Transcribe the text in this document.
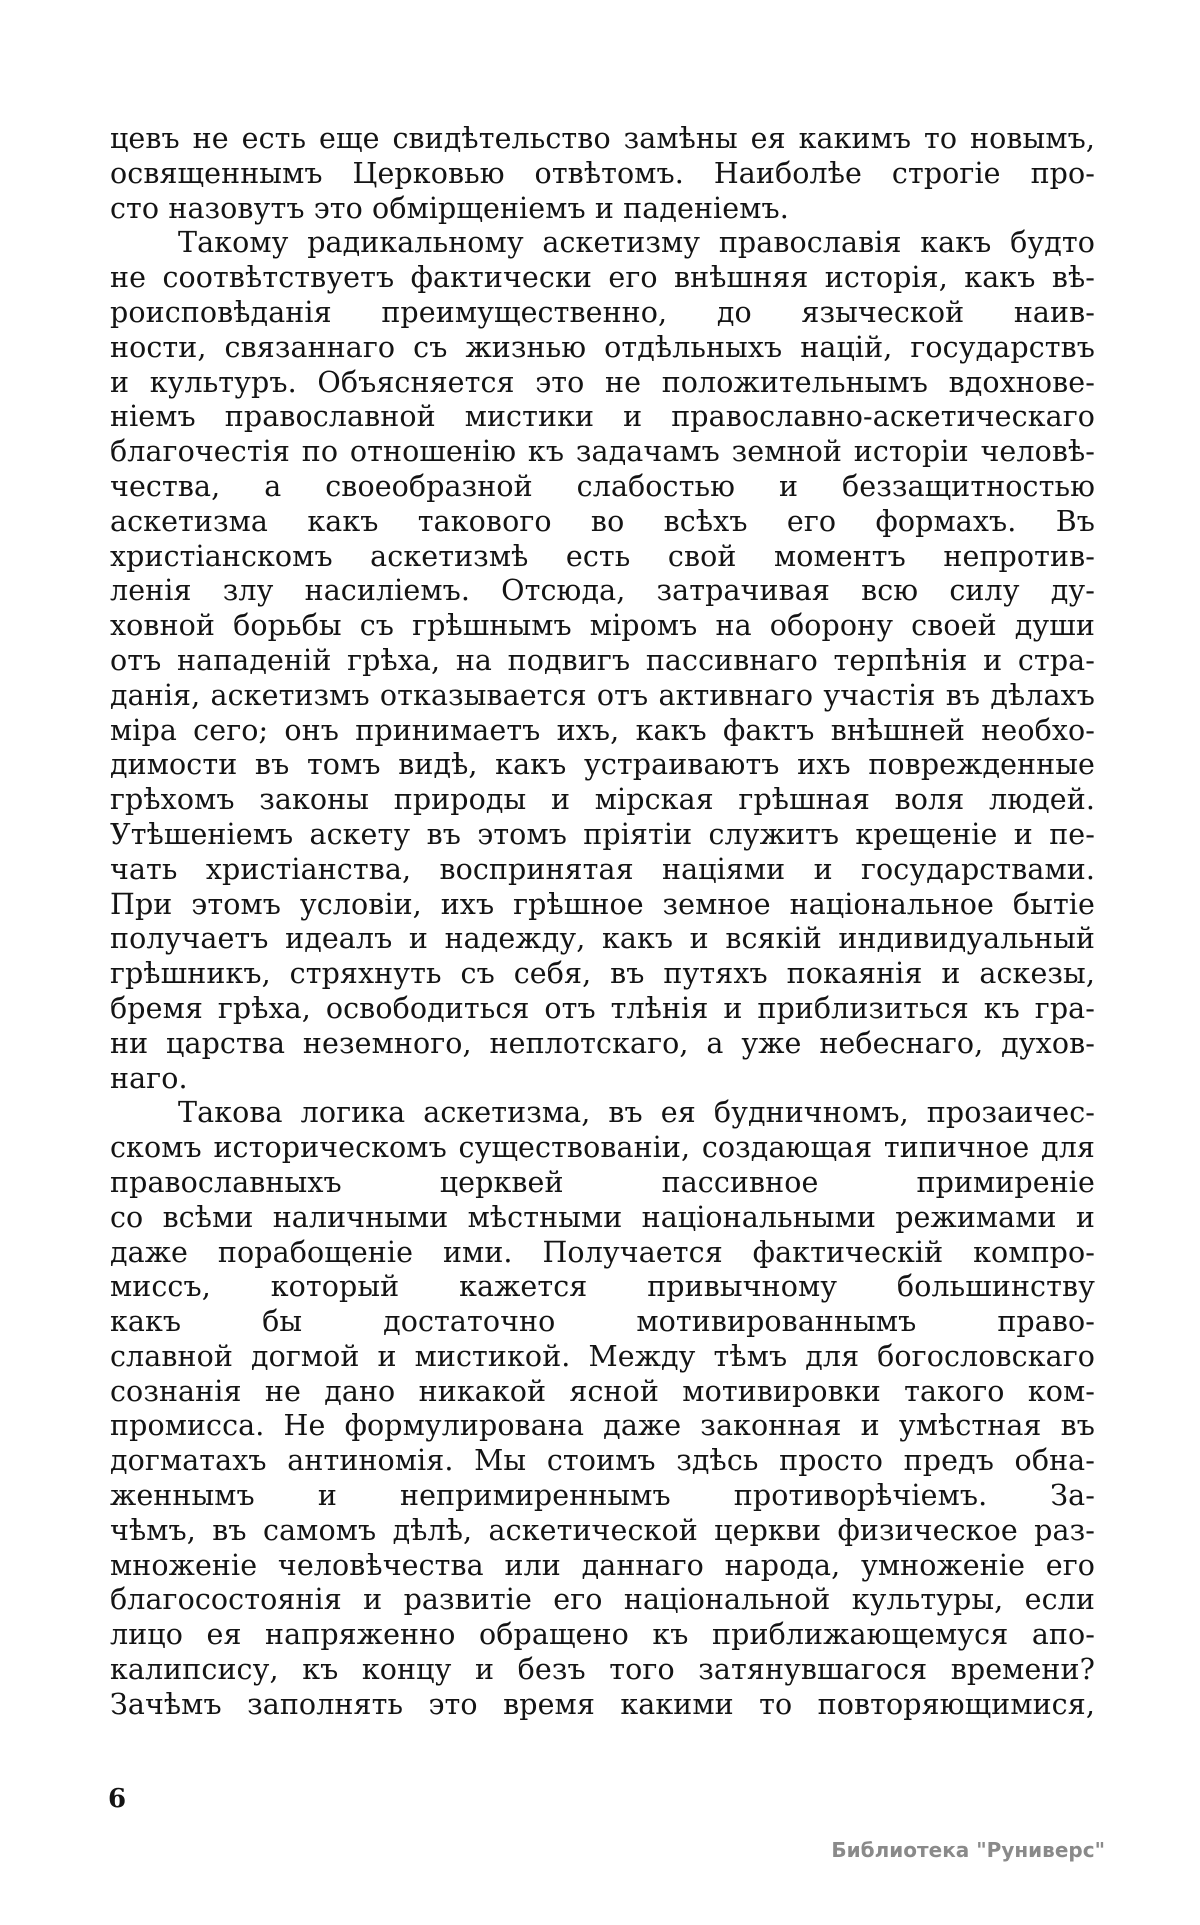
цевъ не есть еще свидѣтельство замѣны ея какимъ то новымъ,
освященнымъ Церковью отвѣтомъ. Наиболѣе строгіе про-
сто назовутъ это обмірщеніемъ и паденіемъ.
Такому радикальному аскетизму православія какъ будто
не соотвѣтствуетъ фактически его внѣшняя исторія, какъ вѣ-
роисповѣданія преимущественно, до языческой наив-
ности, связаннаго съ жизнью отдѣльныхъ націй, государствъ
и культуръ. Объясняется это не положительнымъ вдохнове-
ніемъ православной мистики и православно-аскетическаго
благочестія по отношенію къ задачамъ земной исторіи человѣ-
чества, а своеобразной слабостью и беззащитностью
аскетизма какъ такового во всѣхъ его формахъ. Въ
христіанскомъ аскетизмѣ есть свой моментъ непротив-
ленія злу насиліемъ. Отсюда, затрачивая всю силу ду-
ховной борьбы съ грѣшнымъ міромъ на оборону своей души
отъ нападеній грѣха, на подвигъ пассивнаго терпѣнія и стра-
данія, аскетизмъ отказывается отъ активнаго участія въ дѣлахъ
міра сего; онъ принимаетъ ихъ, какъ фактъ внѣшней необхо-
димости въ томъ видѣ, какъ устраиваютъ ихъ поврежденные
грѣхомъ законы природы и мірская грѣшная воля людей.
Утѣшеніемъ аскету въ этомъ пріятіи служитъ крещеніе и пе-
чать христіанства, воспринятая націями и государствами.
При этомъ условіи, ихъ грѣшное земное національное бытіе
получаетъ идеалъ и надежду, какъ и всякій индивидуальный
грѣшникъ, стряхнуть съ себя, въ путяхъ покаянія и аскезы,
бремя грѣха, освободиться отъ тлѣнія и приблизиться къ гра-
ни царства неземного, неплотскаго, а уже небеснаго, духов-
наго.
Такова логика аскетизма, въ ея будничномъ, прозаичес-
скомъ историческомъ существованіи, создающая типичное для
православныхъ церквей пассивное примиреніе
со всѣми наличными мѣстными національными режимами и
даже порабощеніе ими. Получается фактическій компро-
миссъ, который кажется привычному большинству
какъ бы достаточно мотивированнымъ право-
славной догмой и мистикой. Между тѣмъ для богословскаго
сознанія не дано никакой ясной мотивировки такого ком-
промисса. Не формулирована даже законная и умѣстная въ
догматахъ антиномія. Мы стоимъ здѣсь просто предъ обна-
женнымъ и непримиреннымъ противорѣчіемъ. За-
чѣмъ, въ самомъ дѣлѣ, аскетической церкви физическое раз-
множеніе человѣчества или даннаго народа, умноженіе его
благосостоянія и развитіе его національной культуры, если
лицо ея напряженно обращено къ приближающемуся апо-
калипсису, къ концу и безъ того затянувшагося времени?
Зачѣмъ заполнять это время какими то повторяющимися,
6
Библиотека "Руниверс"
